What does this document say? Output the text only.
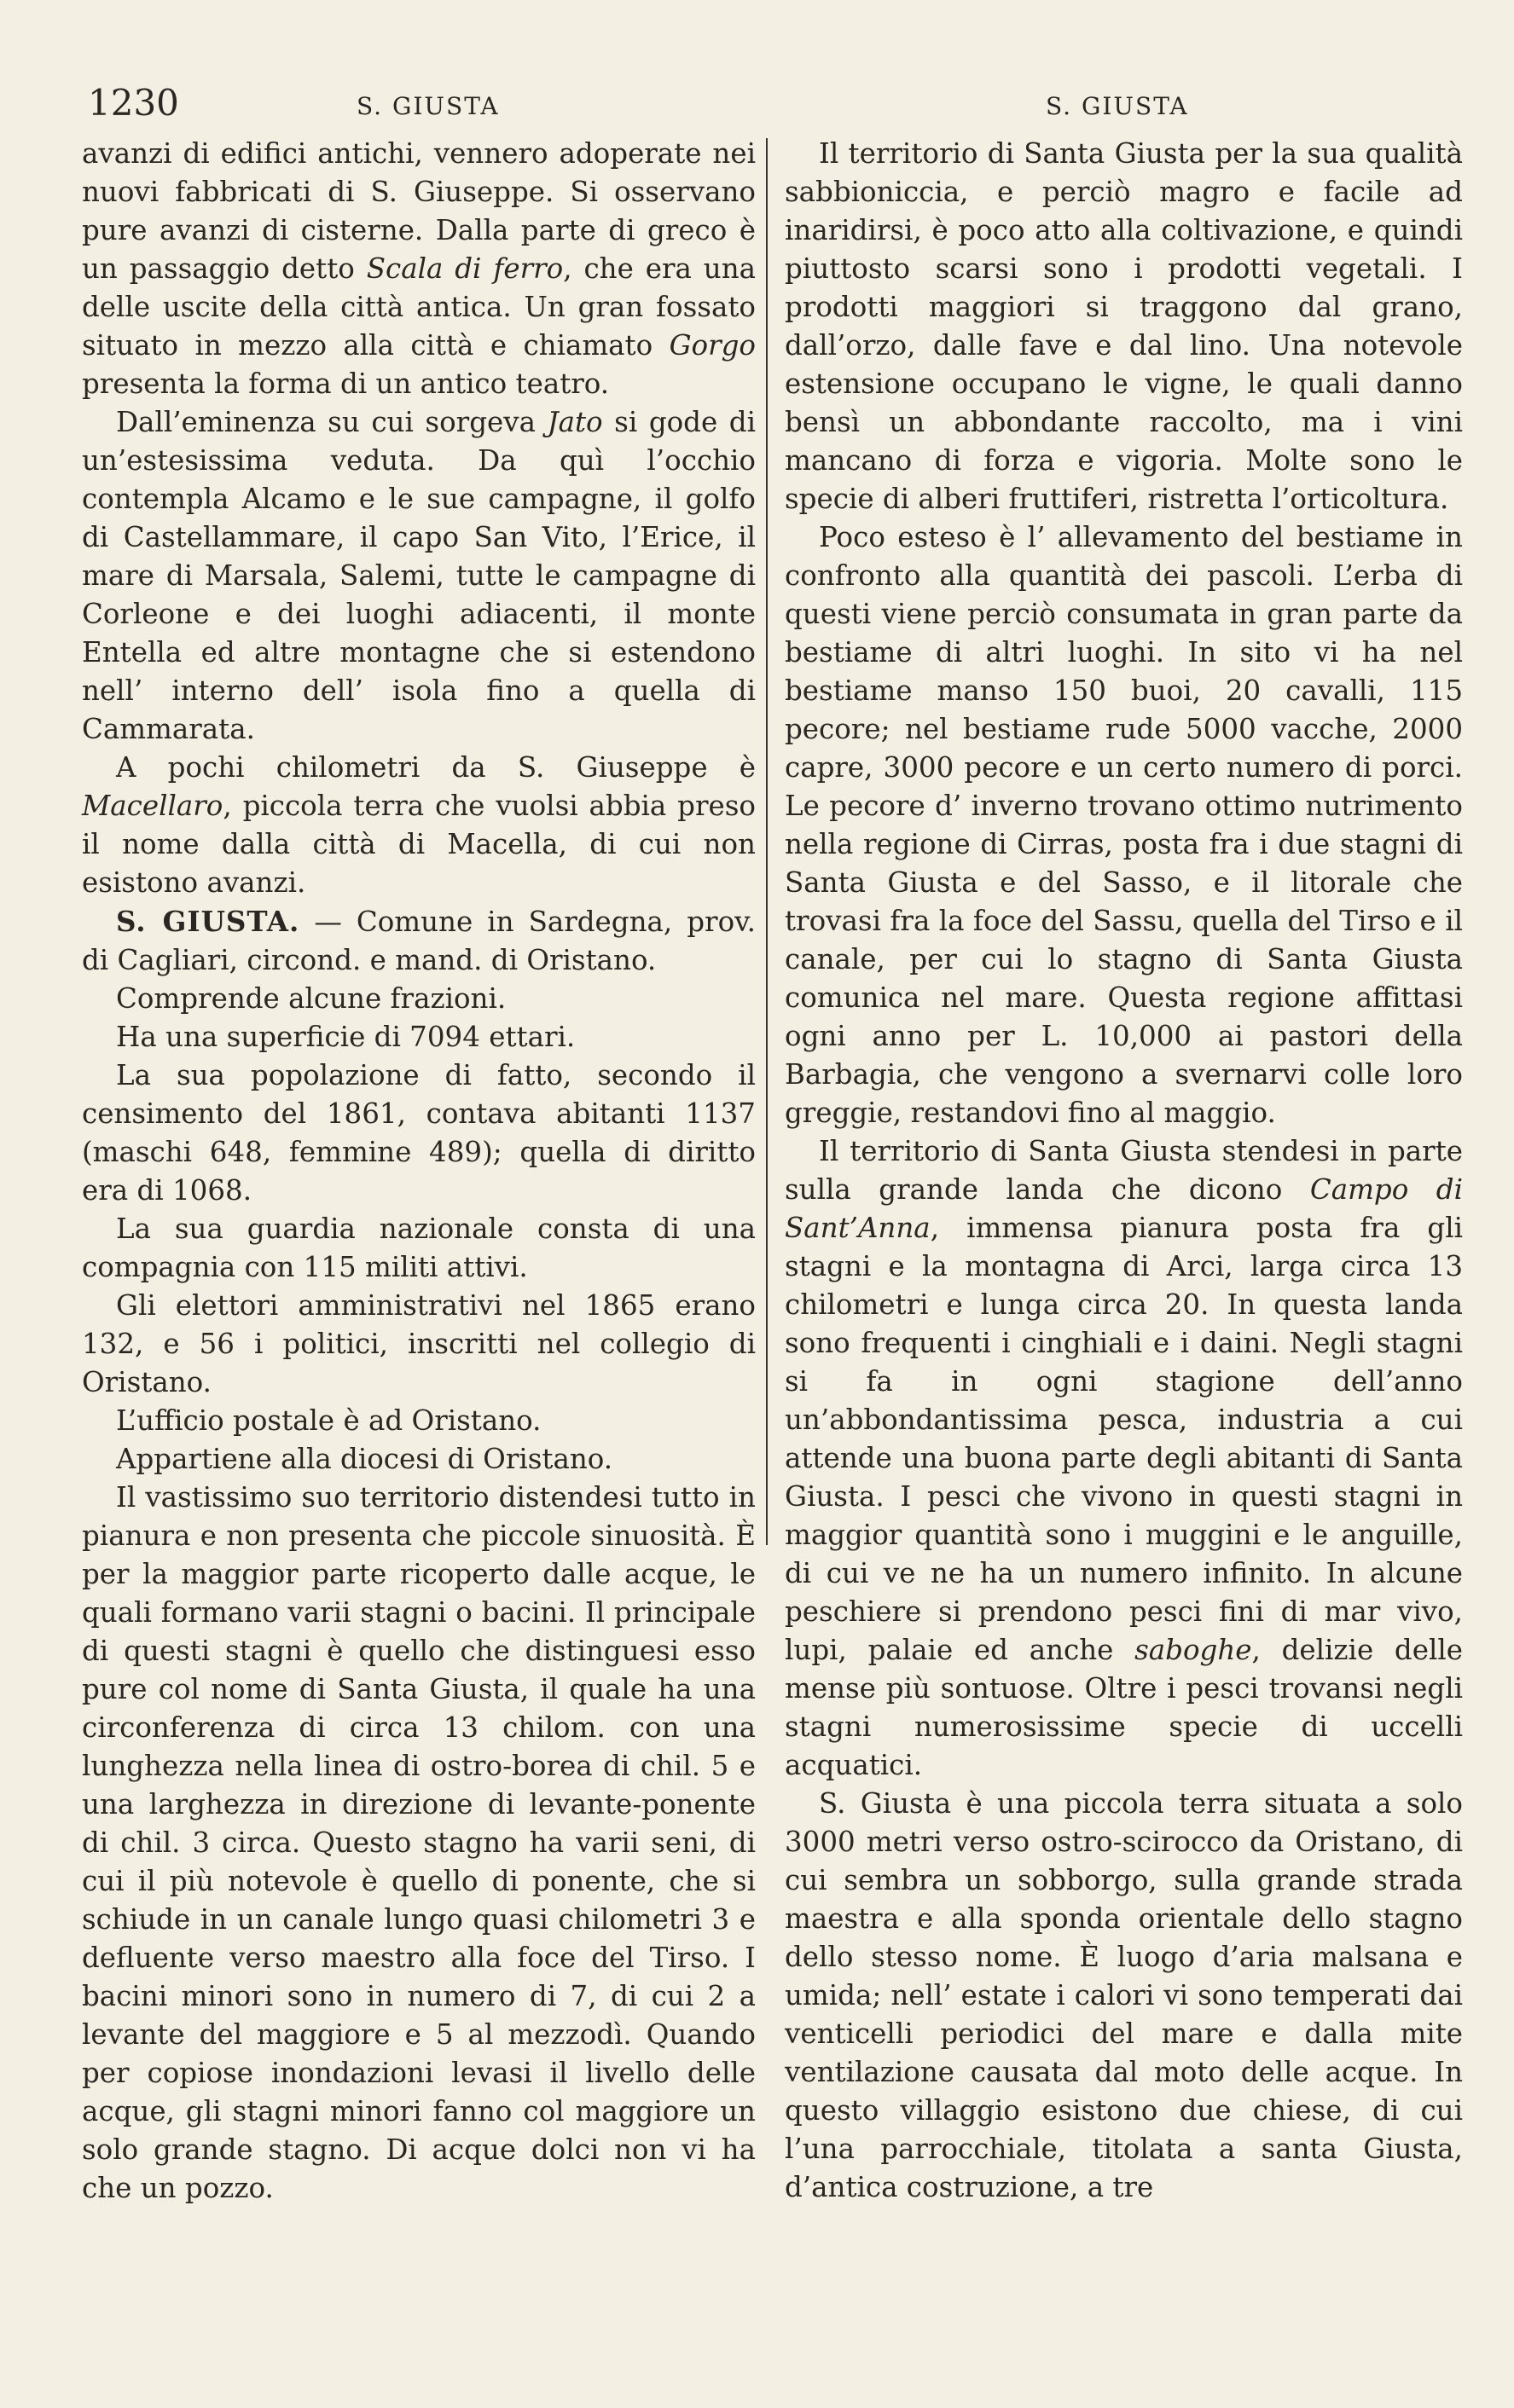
1230	S. GIUSTA	S. GIUSTA

avanzi di edifici antichi, vennero adoperate nei nuovi fabbricati di S. Giuseppe. Si osservano pure avanzi di cisterne. Dalla parte di greco è un passaggio detto Scala di ferro, che era una delle uscite della città antica. Un gran fossato situato in mezzo alla città e chiamato Gorgo presenta la forma di un antico teatro.

Dall’eminenza su cui sorgeva Jato si gode di un’estesissima veduta. Da quì l’occhio contempla Alcamo e le sue campagne, il golfo di Castellammare, il capo San Vito, l’Erice, il mare di Marsala, Salemi, tutte le campagne di Corleone e dei luoghi adiacenti, il monte Entella ed altre montagne che si estendono nell’ interno dell’ isola fino a quella di Cammarata.

A pochi chilometri da S. Giuseppe è Macellaro, piccola terra che vuolsi abbia preso il nome dalla città di Macella, di cui non esistono avanzi.

S. GIUSTA. — Comune in Sardegna, prov. di Cagliari, circond. e mand. di Oristano.

Comprende alcune frazioni.

Ha una superficie di 7094 ettari.

La sua popolazione di fatto, secondo il censimento del 1861, contava abitanti 1137 (maschi 648, femmine 489); quella di diritto era di 1068.

La sua guardia nazionale consta di una compagnia con 115 militi attivi.

Gli elettori amministrativi nel 1865 erano 132, e 56 i politici, inscritti nel collegio di Oristano.

L’ufficio postale è ad Oristano.

Appartiene alla diocesi di Oristano.

Il vastissimo suo territorio distendesi tutto in pianura e non presenta che piccole sinuosità. È per la maggior parte ricoperto dalle acque, le quali formano varii stagni o bacini. Il principale di questi stagni è quello che distinguesi esso pure col nome di Santa Giusta, il quale ha una circonferenza di circa 13 chilom. con una lunghezza nella linea di ostro-borea di chil. 5 e una larghezza in direzione di levante-ponente di chil. 3 circa. Questo stagno ha varii seni, di cui il più notevole è quello di ponente, che si schiude in un canale lungo quasi chilometri 3 e defluente verso maestro alla foce del Tirso. I bacini minori sono in numero di 7, di cui 2 a levante del maggiore e 5 al mezzodì. Quando per copiose inondazioni levasi il livello delle acque, gli stagni minori fanno col maggiore un solo grande stagno. Di acque dolci non vi ha che un pozzo.

Il territorio di Santa Giusta per la sua qualità sabbioniccia, e perciò magro e facile ad inaridirsi, è poco atto alla coltivazione, e quindi piuttosto scarsi sono i prodotti vegetali. I prodotti maggiori si traggono dal grano, dall’orzo, dalle fave e dal lino. Una notevole estensione occupano le vigne, le quali danno bensì un abbondante raccolto, ma i vini mancano di forza e vigoria. Molte sono le specie di alberi fruttiferi, ristretta l’orticoltura.

Poco esteso è l’ allevamento del bestiame in confronto alla quantità dei pascoli. L’erba di questi viene perciò consumata in gran parte da bestiame di altri luoghi. In sito vi ha nel bestiame manso 150 buoi, 20 cavalli, 115 pecore; nel bestiame rude 5000 vacche, 2000 capre, 3000 pecore e un certo numero di porci. Le pecore d’ inverno trovano ottimo nutrimento nella regione di Cirras, posta fra i due stagni di Santa Giusta e del Sasso, e il litorale che trovasi fra la foce del Sassu, quella del Tirso e il canale, per cui lo stagno di Santa Giusta comunica nel mare. Questa regione affittasi ogni anno per L. 10,000 ai pastori della Barbagia, che vengono a svernarvi colle loro greggie, restandovi fino al maggio.

Il territorio di Santa Giusta stendesi in parte sulla grande landa che dicono Campo di Sant’Anna, immensa pianura posta fra gli stagni e la montagna di Arci, larga circa 13 chilometri e lunga circa 20. In questa landa sono frequenti i cinghiali e i daini. Negli stagni si fa in ogni stagione dell’anno un’abbondantissima pesca, industria a cui attende una buona parte degli abitanti di Santa Giusta. I pesci che vivono in questi stagni in maggior quantità sono i muggini e le anguille, di cui ve ne ha un numero infinito. In alcune peschiere si prendono pesci fini di mar vivo, lupi, palaie ed anche saboghe, delizie delle mense più sontuose. Oltre i pesci trovansi negli stagni numerosissime specie di uccelli acquatici.

S. Giusta è una piccola terra situata a solo 3000 metri verso ostro-scirocco da Oristano, di cui sembra un sobborgo, sulla grande strada maestra e alla sponda orientale dello stagno dello stesso nome. È luogo d’aria malsana e umida; nell’ estate i calori vi sono temperati dai venticelli periodici del mare e dalla mite ventilazione causata dal moto delle acque. In questo villaggio esistono due chiese, di cui l’una parrocchiale, titolata a santa Giusta, d’antica costruzione, a tre
